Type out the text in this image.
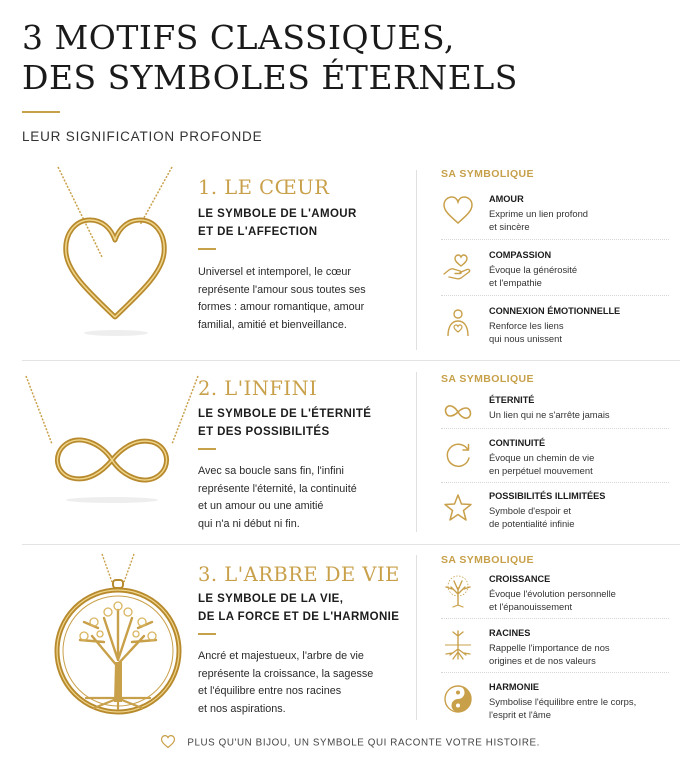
3 MOTIFS CLASSIQUES,
DES SYMBOLES ÉTERNELS
LEUR SIGNIFICATION PROFONDE
1. LE CŒUR
LE SYMBOLE DE L'AMOUR
ET DE L'AFFECTION
Universel et intemporel, le cœur
représente l'amour sous toutes ses
formes : amour romantique, amour
familial, amitié et bienveillance.
SA SYMBOLIQUE
AMOUR
Exprime un lien profond
et sincère
COMPASSION
Évoque la générosité
et l'empathie
CONNEXION ÉMOTIONNELLE
Renforce les liens
qui nous unissent
2. L'INFINI
LE SYMBOLE DE L'ÉTERNITÉ
ET DES POSSIBILITÉS
Avec sa boucle sans fin, l'infini
représente l'éternité, la continuité
et un amour ou une amitié
qui n'a ni début ni fin.
SA SYMBOLIQUE
ÉTERNITÉ
Un lien qui ne s'arrête jamais
CONTINUITÉ
Évoque un chemin de vie
en perpétuel mouvement
POSSIBILITÉS ILLIMITÉES
Symbole d'espoir et
de potentialité infinie
3. L'ARBRE DE VIE
LE SYMBOLE DE LA VIE,
DE LA FORCE ET DE L'HARMONIE
Ancré et majestueux, l'arbre de vie
représente la croissance, la sagesse
et l'équilibre entre nos racines
et nos aspirations.
SA SYMBOLIQUE
CROISSANCE
Évoque l'évolution personnelle
et l'épanouissement
RACINES
Rappelle l'importance de nos
origines et de nos valeurs
HARMONIE
Symbolise l'équilibre entre le corps,
l'esprit et l'âme
PLUS QU'UN BIJOU, UN SYMBOLE QUI RACONTE VOTRE HISTOIRE.
